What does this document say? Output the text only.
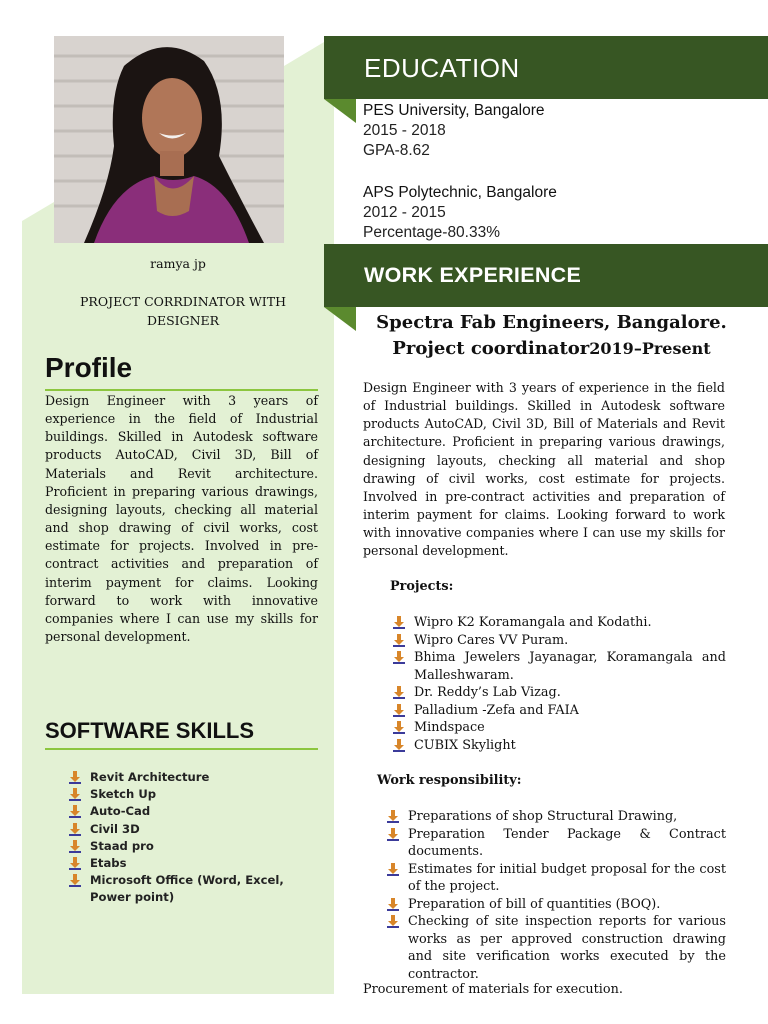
ramya jp
PROJECT CORRDINATOR WITH DESIGNER
Profile
Design Engineer with 3 years of experience in the field of Industrial buildings. Skilled in Autodesk software products AutoCAD, Civil 3D, Bill of Materials and Revit architecture. Proficient in preparing various drawings, designing layouts, checking all material and shop drawing of civil works, cost estimate for projects. Involved in pre-contract activities and preparation of interim payment for claims. Looking forward to work with innovative companies where I can use my skills for personal development.
SOFTWARE SKILLS
Revit Architecture
Sketch Up
Auto-Cad
Civil 3D
Staad pro
Etabs
Microsoft Office (Word, Excel, Power point)
EDUCATION
PES University, Bangalore
2015 - 2018
GPA-8.62
APS Polytechnic, Bangalore
2012 - 2015
Percentage-80.33%
WORK EXPERIENCE
Spectra Fab Engineers, Bangalore.
Project coordinator2019–Present
Design Engineer with 3 years of experience in the field of Industrial buildings. Skilled in Autodesk software products AutoCAD, Civil 3D, Bill of Materials and Revit architecture. Proficient in preparing various drawings, designing layouts, checking all material and shop drawing of civil works, cost estimate for projects. Involved in pre-contract activities and preparation of interim payment for claims. Looking forward to work with innovative companies where I can use my skills for personal development.
Projects:
Wipro K2 Koramangala and Kodathi.
Wipro Cares VV Puram.
Bhima Jewelers Jayanagar, Koramangala and Malleshwaram.
Dr. Reddy’s Lab Vizag.
Palladium -Zefa and FAIA
Mindspace
CUBIX Skylight
Work responsibility:
Preparations of shop Structural Drawing,
Preparation Tender Package & Contract documents.
Estimates for initial budget proposal for the cost of the project.
Preparation of bill of quantities (BOQ).
Checking of site inspection reports for various works as per approved construction drawing and site verification works executed by the contractor.
Procurement of materials for execution.
